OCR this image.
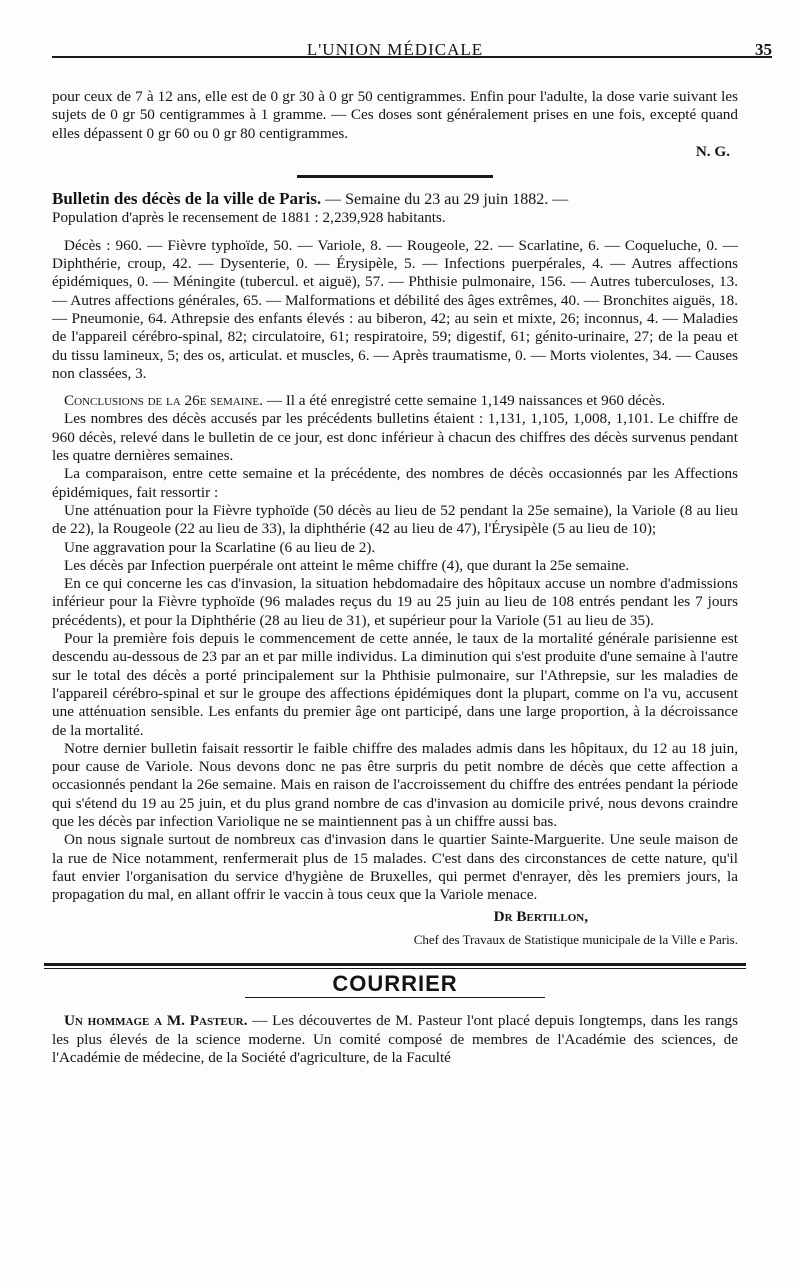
L'UNION MÉDICALE	35

pour ceux de 7 à 12 ans, elle est de 0 gr 30 à 0 gr 50 centigrammes. Enfin pour l'adulte, la dose varie suivant les sujets de 0 gr 50 centigrammes à 1 gramme. — Ces doses sont généralement prises en une fois, excepté quand elles dépassent 0 gr 60 ou 0 gr 80 centigrammes.

N. G.

Bulletin des décès de la ville de Paris. — Semaine du 23 au 29 juin 1882. —

Population d'après le recensement de 1881 : 2,239,928 habitants.

Décès : 960. — Fièvre typhoïde, 50. — Variole, 8. — Rougeole, 22. — Scarlatine, 6. — Coqueluche, 0. — Diphthérie, croup, 42. — Dysenterie, 0. — Érysipèle, 5. — Infections puerpérales, 4. — Autres affections épidémiques, 0. — Méningite (tubercul. et aiguë), 57. — Phthisie pulmonaire, 156. — Autres tuberculoses, 13. — Autres affections générales, 65. — Malformations et débilité des âges extrêmes, 40. — Bronchites aiguës, 18. — Pneumonie, 64. Athrepsie des enfants élevés : au biberon, 42; au sein et mixte, 26; inconnus, 4. — Maladies de l'appareil cérébro-spinal, 82; circulatoire, 61; respiratoire, 59; digestif, 61; génito-urinaire, 27; de la peau et du tissu lamineux, 5; des os, articulat. et muscles, 6. — Après traumatisme, 0. — Morts violentes, 34. — Causes non classées, 3.

Conclusions de la 26e semaine. — Il a été enregistré cette semaine 1,149 naissances et 960 décès.

Les nombres des décès accusés par les précédents bulletins étaient : 1,131, 1,105, 1,008, 1,101. Le chiffre de 960 décès, relevé dans le bulletin de ce jour, est donc inférieur à chacun des chiffres des décès survenus pendant les quatre dernières semaines.

La comparaison, entre cette semaine et la précédente, des nombres de décès occasionnés par les Affections épidémiques, fait ressortir :

Une atténuation pour la Fièvre typhoïde (50 décès au lieu de 52 pendant la 25e semaine), la Variole (8 au lieu de 22), la Rougeole (22 au lieu de 33), la diphthérie (42 au lieu de 47), l'Érysipèle (5 au lieu de 10);

Une aggravation pour la Scarlatine (6 au lieu de 2).

Les décès par Infection puerpérale ont atteint le même chiffre (4), que durant la 25e semaine.

En ce qui concerne les cas d'invasion, la situation hebdomadaire des hôpitaux accuse un nombre d'admissions inférieur pour la Fièvre typhoïde (96 malades reçus du 19 au 25 juin au lieu de 108 entrés pendant les 7 jours précédents), et pour la Diphthérie (28 au lieu de 31), et supérieur pour la Variole (51 au lieu de 35).

Pour la première fois depuis le commencement de cette année, le taux de la mortalité générale parisienne est descendu au-dessous de 23 par an et par mille individus. La diminution qui s'est produite d'une semaine à l'autre sur le total des décès a porté principalement sur la Phthisie pulmonaire, sur l'Athrepsie, sur les maladies de l'appareil cérébro-spinal et sur le groupe des affections épidémiques dont la plupart, comme on l'a vu, accusent une atténuation sensible. Les enfants du premier âge ont participé, dans une large proportion, à la décroissance de la mortalité.

Notre dernier bulletin faisait ressortir le faible chiffre des malades admis dans les hôpitaux, du 12 au 18 juin, pour cause de Variole. Nous devons donc ne pas être surpris du petit nombre de décès que cette affection a occasionnés pendant la 26e semaine. Mais en raison de l'accroissement du chiffre des entrées pendant la période qui s'étend du 19 au 25 juin, et du plus grand nombre de cas d'invasion au domicile privé, nous devons craindre que les décès par infection Variolique ne se maintiennent pas à un chiffre aussi bas.

On nous signale surtout de nombreux cas d'invasion dans le quartier Sainte-Marguerite. Une seule maison de la rue de Nice notamment, renfermerait plus de 15 malades. C'est dans des circonstances de cette nature, qu'il faut envier l'organisation du service d'hygiène de Bruxelles, qui permet d'enrayer, dès les premiers jours, la propagation du mal, en allant offrir le vaccin à tous ceux que la Variole menace.

Dr Bertillon,
Chef des Travaux de Statistique municipale de la Ville e Paris.
COURRIER

Un hommage a M. Pasteur. — Les découvertes de M. Pasteur l'ont placé depuis longtemps, dans les rangs les plus élevés de la science moderne. Un comité composé de membres de l'Académie des sciences, de l'Académie de médecine, de la Société d'agriculture, de la Faculté
